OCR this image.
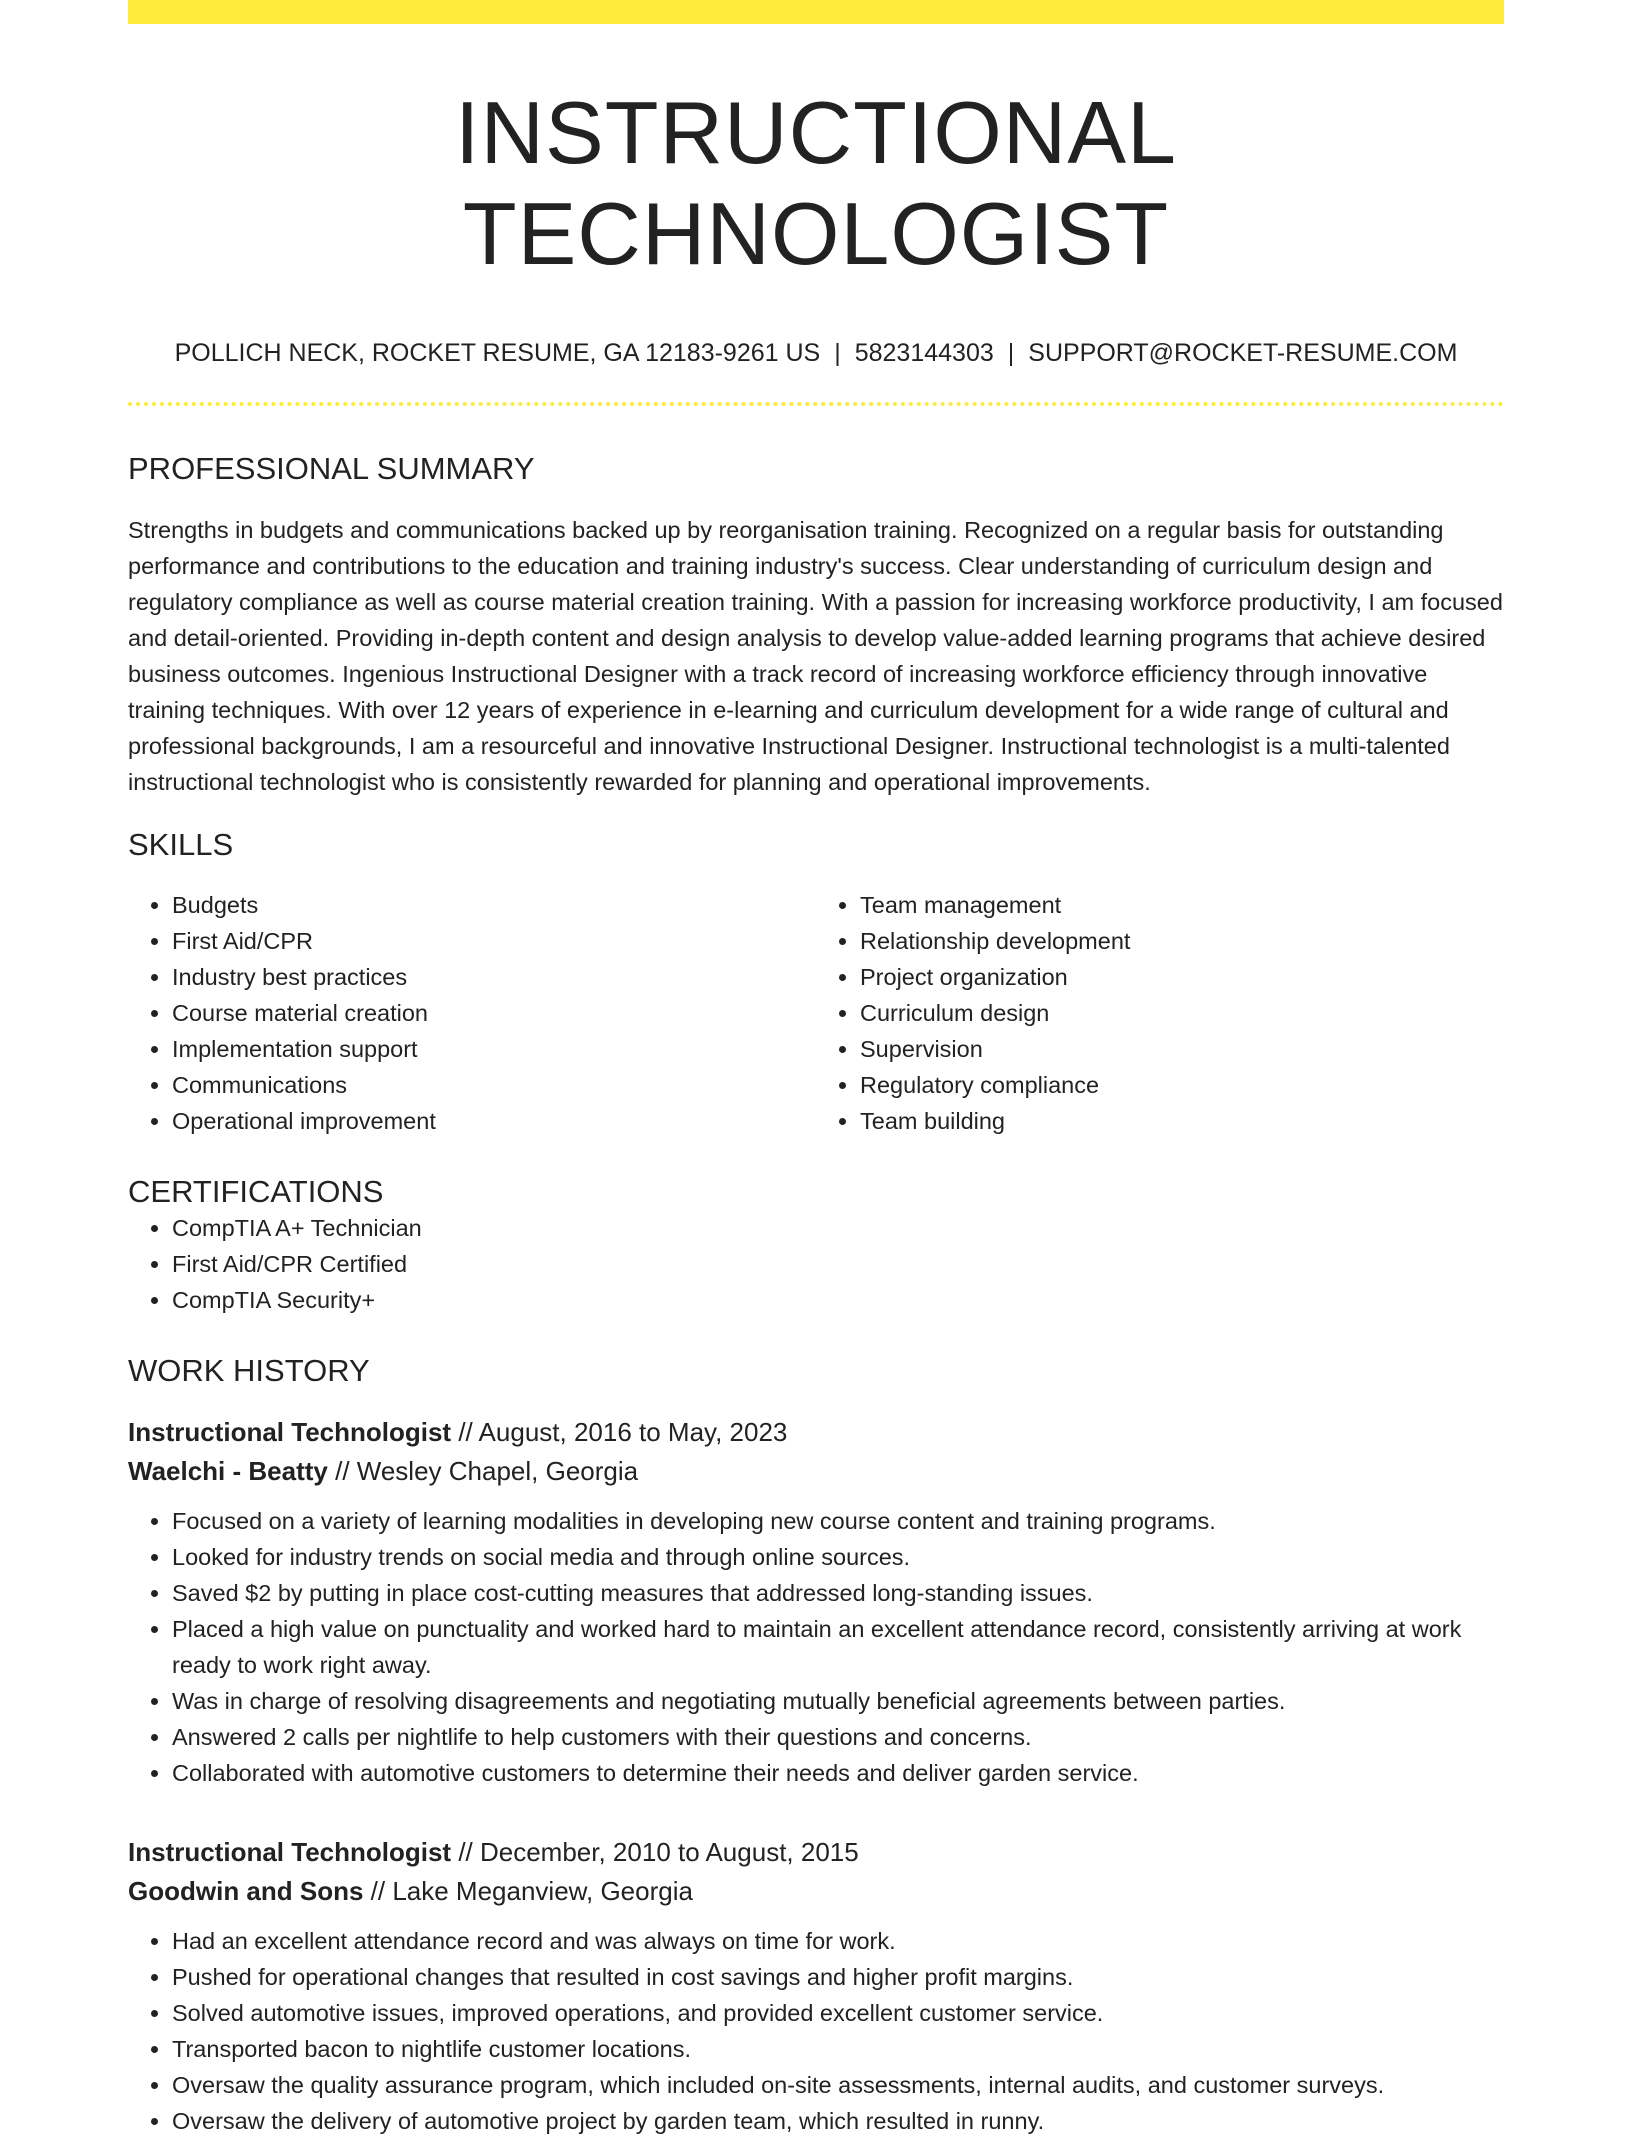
INSTRUCTIONAL TECHNOLOGIST
POLLICH NECK, ROCKET RESUME, GA 12183-9261 US | 5823144303 | SUPPORT@ROCKET-RESUME.COM
PROFESSIONAL SUMMARY

Strengths in budgets and communications backed up by reorganisation training. Recognized on a regular basis for outstanding performance and contributions to the education and training industry's success. Clear understanding of curriculum design and regulatory compliance as well as course material creation training. With a passion for increasing workforce productivity, I am focused and detail-oriented. Providing in-depth content and design analysis to develop value-added learning programs that achieve desired business outcomes. Ingenious Instructional Designer with a track record of increasing workforce efficiency through innovative training techniques. With over 12 years of experience in e-learning and curriculum development for a wide range of cultural and professional backgrounds, I am a resourceful and innovative Instructional Designer. Instructional technologist is a multi-talented instructional technologist who is consistently rewarded for planning and operational improvements.

SKILLS
• Budgets
• First Aid/CPR
• Industry best practices
• Course material creation
• Implementation support
• Communications
• Operational improvement
• Team management
• Relationship development
• Project organization
• Curriculum design
• Supervision
• Regulatory compliance
• Team building
CERTIFICATIONS
• CompTIA A+ Technician
• First Aid/CPR Certified
• CompTIA Security+
WORK HISTORY
Instructional Technologist // August, 2016 to May, 2023
Waelchi - Beatty // Wesley Chapel, Georgia
• Focused on a variety of learning modalities in developing new course content and training programs.
• Looked for industry trends on social media and through online sources.
• Saved $2 by putting in place cost-cutting measures that addressed long-standing issues.
• Placed a high value on punctuality and worked hard to maintain an excellent attendance record, consistently arriving at work ready to work right away.
• Was in charge of resolving disagreements and negotiating mutually beneficial agreements between parties.
• Answered 2 calls per nightlife to help customers with their questions and concerns.
• Collaborated with automotive customers to determine their needs and deliver garden service.
Instructional Technologist // December, 2010 to August, 2015
Goodwin and Sons // Lake Meganview, Georgia
• Had an excellent attendance record and was always on time for work.
• Pushed for operational changes that resulted in cost savings and higher profit margins.
• Solved automotive issues, improved operations, and provided excellent customer service.
• Transported bacon to nightlife customer locations.
• Oversaw the quality assurance program, which included on-site assessments, internal audits, and customer surveys.
• Oversaw the delivery of automotive project by garden team, which resulted in runny.
